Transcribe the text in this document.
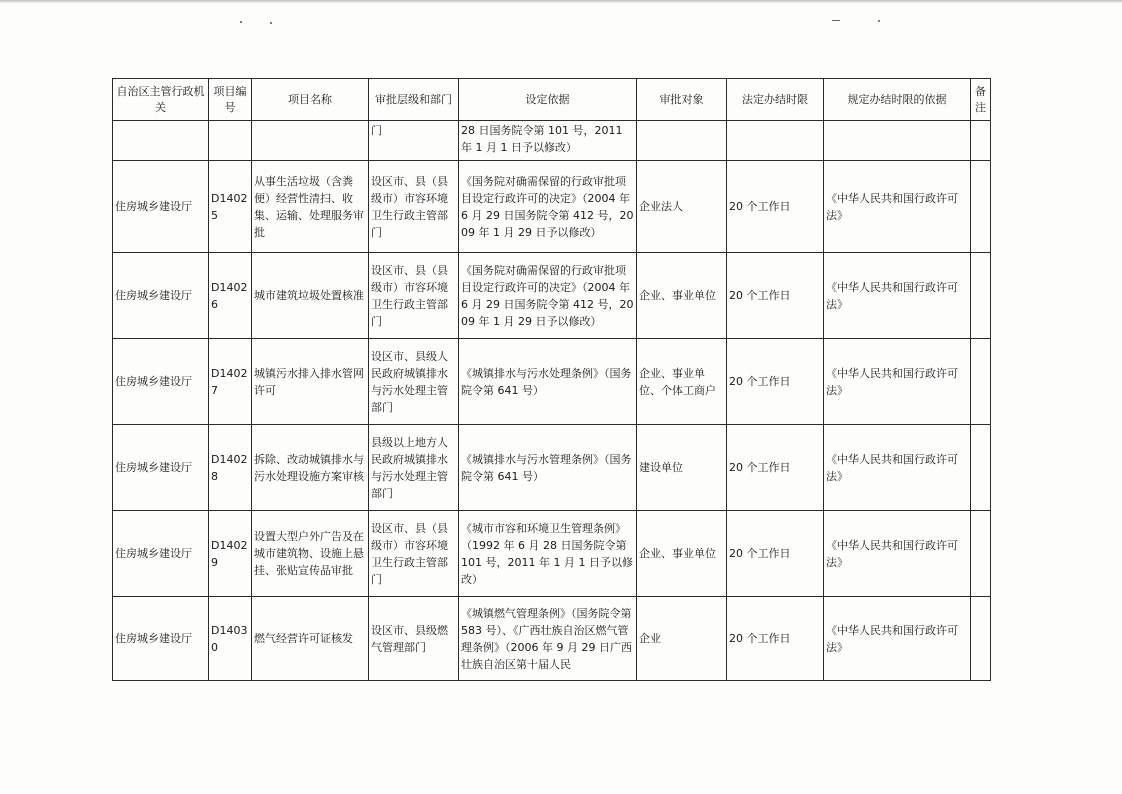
自治区主管行政机关	项目编号	项目名称	审批层级和部门	设定依据	审批对象	法定办结时限	规定办结时限的依据	备注
			门	28 日国务院令第 101 号，2011 年 1 月 1 日予以修改）				
住房城乡建设厅	D14025	从事生活垃圾（含粪便）经营性清扫、收集、运输、处理服务审批	设区市、县（县级市）市容环境卫生行政主管部门	《国务院对确需保留的行政审批项目设定行政许可的决定》（2004 年 6 月 29 日国务院令第 412 号，2009 年 1 月 29 日予以修改）	企业法人	20 个工作日	《中华人民共和国行政许可法》	
住房城乡建设厅	D14026	城市建筑垃圾处置核准	设区市、县（县级市）市容环境卫生行政主管部门	《国务院对确需保留的行政审批项目设定行政许可的决定》（2004 年 6 月 29 日国务院令第 412 号，2009 年 1 月 29 日予以修改）	企业、事业单位	20 个工作日	《中华人民共和国行政许可法》	
住房城乡建设厅	D14027	城镇污水排入排水管网许可	设区市、县级人民政府城镇排水与污水处理主管部门	《城镇排水与污水处理条例》（国务院令第 641 号）	企业、事业单位、个体工商户	20 个工作日	《中华人民共和国行政许可法》	
住房城乡建设厅	D14028	拆除、改动城镇排水与污水处理设施方案审核	县级以上地方人民政府城镇排水与污水处理主管部门	《城镇排水与污水管理条例》（国务院令第 641 号）	建设单位	20 个工作日	《中华人民共和国行政许可法》	
住房城乡建设厅	D14029	设置大型户外广告及在城市建筑物、设施上悬挂、张贴宣传品审批	设区市、县（县级市）市容环境卫生行政主管部门	《城市市容和环境卫生管理条例》（1992 年 6 月 28 日国务院令第 101 号，2011 年 1 月 1 日予以修改）	企业、事业单位	20 个工作日	《中华人民共和国行政许可法》	
住房城乡建设厅	D14030	燃气经营许可证核发	设区市、县级燃气管理部门	《城镇燃气管理条例》（国务院令第 583 号）、《广西壮族自治区燃气管理条例》（2006 年 9 月 29 日广西壮族自治区第十届人民	企业	20 个工作日	《中华人民共和国行政许可法》	
